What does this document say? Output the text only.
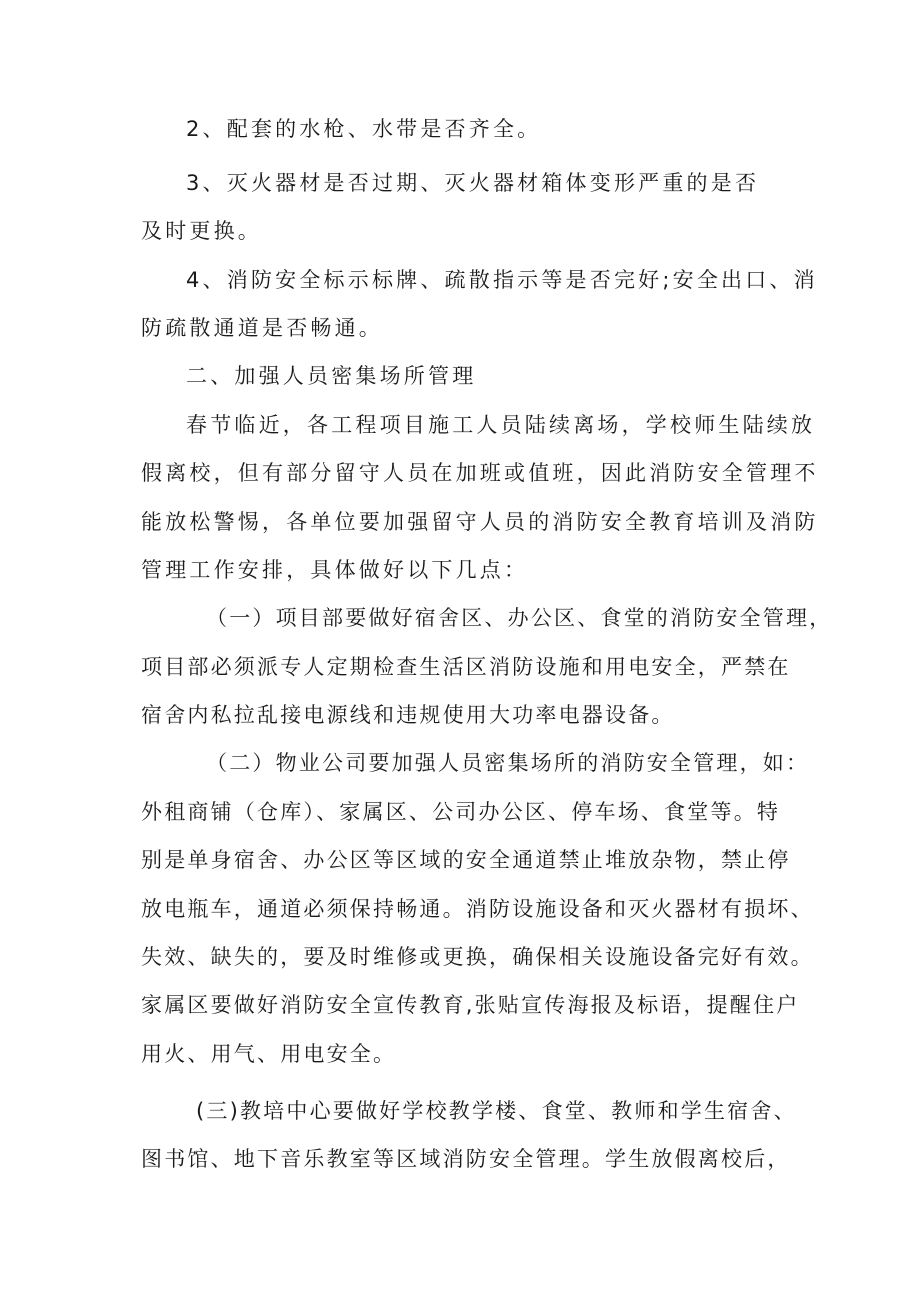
2、配套的水枪、水带是否齐全。
3、灭火器材是否过期、灭火器材箱体变形严重的是否
及时更换。
4、消防安全标示标牌、疏散指示等是否完好;安全出口、消
防疏散通道是否畅通。
二、加强人员密集场所管理
春节临近，各工程项目施工人员陆续离场，学校师生陆续放
假离校，但有部分留守人员在加班或值班，因此消防安全管理不
能放松警惕，各单位要加强留守人员的消防安全教育培训及消防
管理工作安排，具体做好以下几点：
（一）项目部要做好宿舍区、办公区、食堂的消防安全管理，
项目部必须派专人定期检查生活区消防设施和用电安全，严禁在
宿舍内私拉乱接电源线和违规使用大功率电器设备。
（二）物业公司要加强人员密集场所的消防安全管理，如：
外租商铺（仓库）、家属区、公司办公区、停车场、食堂等。特
别是单身宿舍、办公区等区域的安全通道禁止堆放杂物，禁止停
放电瓶车，通道必须保持畅通。消防设施设备和灭火器材有损坏、
失效、缺失的，要及时维修或更换，确保相关设施设备完好有效。
家属区要做好消防安全宣传教育,张贴宣传海报及标语，提醒住户
用火、用气、用电安全。
(三)教培中心要做好学校教学楼、食堂、教师和学生宿舍、
图书馆、地下音乐教室等区域消防安全管理。学生放假离校后，
